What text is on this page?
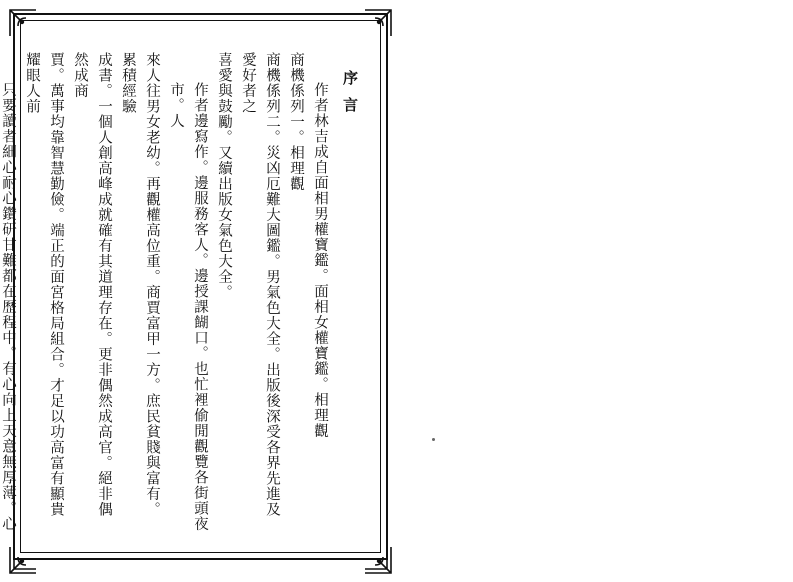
序言
作者林吉成自面相男權寶鑑。面相女權寶鑑。相理觀
商機係列一。相理觀
商機係列二。災凶厄難大圖鑑。男氣色大全。出版後深受各界先進及愛好者之
喜愛與鼓勵。又續出版女氣色大全。
作者邊寫作。邊服務客人。邊授課餬口。也忙裡偷閒觀覽各街頭夜市。人
來人往男女老幼。再觀權高位重。商賈富甲一方。庶民貧賤與富有。累積經驗
成書。一個人創高峰成就確有其道理存在。更非偶然成高官。絕非偶然成商
賈。萬事均靠智慧勤儉。端正的面宮格局組合。才足以功高富有顯貴耀眼人前
只要讀者細心耐心鑽研甘難都在歷程中。有心向上天意無厚薄。心
